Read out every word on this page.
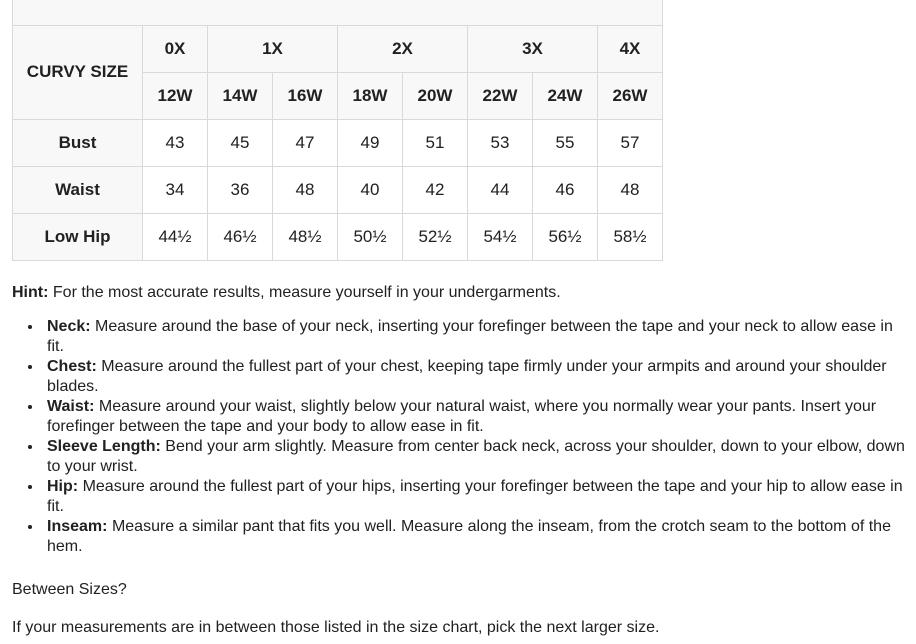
CURVY SIZE	0X	1X		2X		3X		4X
	12W	14W	16W	18W	20W	22W	24W	26W
Bust	43	45	47	49	51	53	55	57
Waist	34	36	48	40	42	44	46	48
Low Hip	44½	46½	48½	50½	52½	54½	56½	58½

Hint: For the most accurate results, measure yourself in your undergarments.

• Neck: Measure around the base of your neck, inserting your forefinger between the tape and your neck to allow ease in fit.
• Chest: Measure around the fullest part of your chest, keeping tape firmly under your armpits and around your shoulder blades.
• Waist: Measure around your waist, slightly below your natural waist, where you normally wear your pants. Insert your forefinger between the tape and your body to allow ease in fit.
• Sleeve Length: Bend your arm slightly. Measure from center back neck, across your shoulder, down to your elbow, down to your wrist.
• Hip: Measure around the fullest part of your hips, inserting your forefinger between the tape and your hip to allow ease in fit.
• Inseam: Measure a similar pant that fits you well. Measure along the inseam, from the crotch seam to the bottom of the hem.

Between Sizes?

If your measurements are in between those listed in the size chart, pick the next larger size.
